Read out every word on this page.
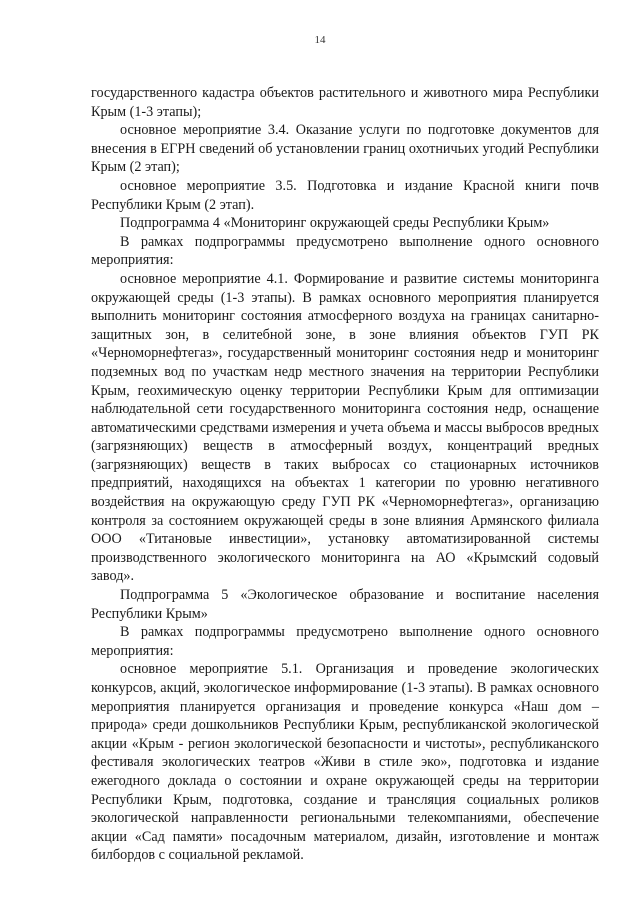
14

государственного кадастра объектов растительного и животного мира Республики Крым (1-3 этапы);

основное мероприятие 3.4. Оказание услуги по подготовке документов для внесения в ЕГРН сведений об установлении границ охотничьих угодий Республики Крым (2 этап);

основное мероприятие 3.5. Подготовка и издание Красной книги почв Республики Крым (2 этап).

Подпрограмма 4 «Мониторинг окружающей среды Республики Крым»

В рамках подпрограммы предусмотрено выполнение одного основного мероприятия:

основное мероприятие 4.1. Формирование и развитие системы мониторинга окружающей среды (1-3 этапы). В рамках основного мероприятия планируется выполнить мониторинг состояния атмосферного воздуха на границах санитарно-защитных зон, в селитебной зоне, в зоне влияния объектов ГУП РК «Черноморнефтегаз», государственный мониторинг состояния недр и мониторинг подземных вод по участкам недр местного значения на территории Республики Крым, геохимическую оценку территории Республики Крым для оптимизации наблюдательной сети государственного мониторинга состояния недр, оснащение автоматическими средствами измерения и учета объема и массы выбросов вредных (загрязняющих) веществ в атмосферный воздух, концентраций вредных (загрязняющих) веществ в таких выбросах со стационарных источников предприятий, находящихся на объектах 1 категории по уровню негативного воздействия на окружающую среду ГУП РК «Черноморнефтегаз», организацию контроля за состоянием окружающей среды в зоне влияния Армянского филиала ООО «Титановые инвестиции», установку автоматизированной системы производственного экологического мониторинга на АО «Крымский содовый завод».

Подпрограмма 5 «Экологическое образование и воспитание населения Республики Крым»

В рамках подпрограммы предусмотрено выполнение одного основного мероприятия:

основное мероприятие 5.1. Организация и проведение экологических конкурсов, акций, экологическое информирование (1-3 этапы). В рамках основного мероприятия планируется организация и проведение конкурса «Наш дом – природа» среди дошкольников Республики Крым, республиканской экологической акции «Крым - регион экологической безопасности и чистоты», республиканского фестиваля экологических театров «Живи в стиле эко», подготовка и издание ежегодного доклада о состоянии и охране окружающей среды на территории Республики Крым, подготовка, создание и трансляция социальных роликов экологической направленности региональными телекомпаниями, обеспечение акции «Сад памяти» посадочным материалом, дизайн, изготовление и монтаж билбордов с социальной рекламой.
